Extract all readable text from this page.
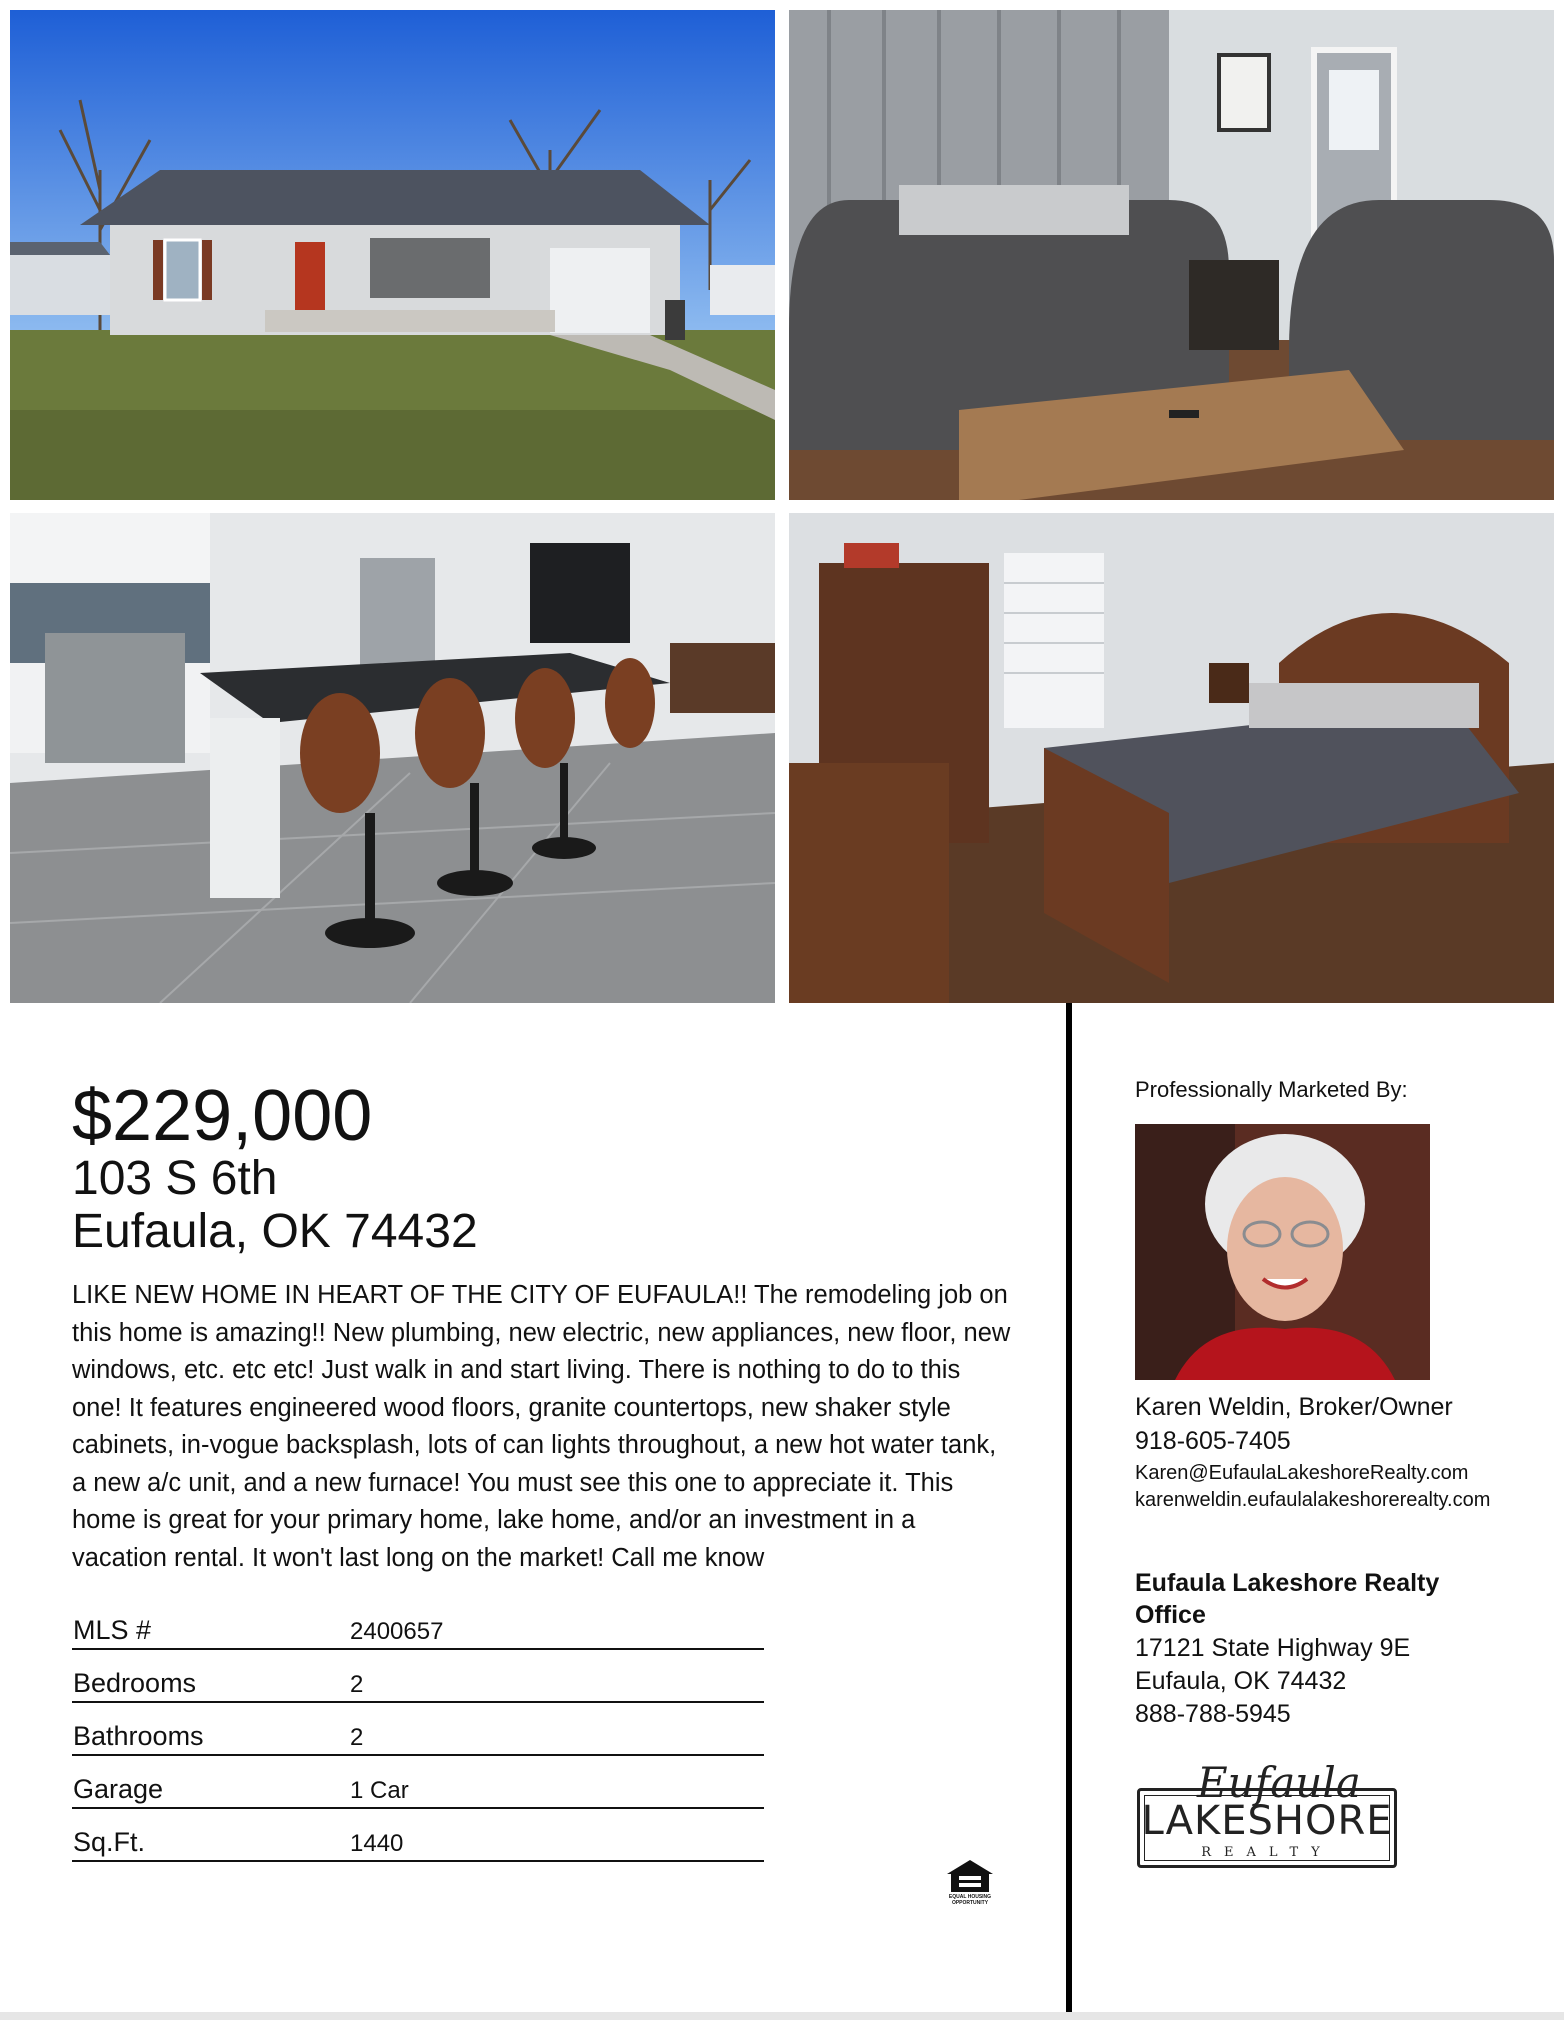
$229,000
103 S 6th
Eufaula, OK 74432
LIKE NEW HOME IN HEART OF THE CITY OF EUFAULA!! The remodeling job on this home is amazing!! New plumbing, new electric, new appliances, new floor, new windows, etc. etc etc! Just walk in and start living. There is nothing to do to this one! It features engineered wood floors, granite countertops, new shaker style cabinets, in-vogue backsplash, lots of can lights throughout, a new hot water tank, a new a/c unit, and a new furnace! You must see this one to appreciate it. This home is great for your primary home, lake home, and/or an investment in a vacation rental. It won't last long on the market! Call me know
MLS #	2400657
Bedrooms	2
Bathrooms	2
Garage	1 Car
Sq.Ft.	1440
EQUAL HOUSING OPPORTUNITY
Professionally Marketed By:
Karen Weldin, Broker/Owner
918-605-7405
Karen@EufaulaLakeshoreRealty.com
karenweldin.eufaulalakeshorerealty.com
Eufaula Lakeshore Realty Office
17121 State Highway 9E
Eufaula, OK 74432
888-788-5945
LAKESHORE
REALTY
Eufaula
